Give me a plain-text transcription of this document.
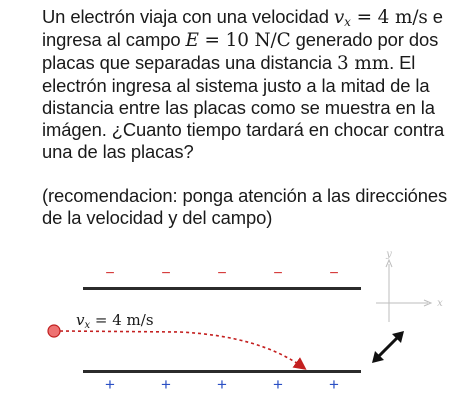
Un electrón viaja con una velocidad $v_x = 4$ m/s e ingresa al campo E = 10 N/C generado por dos placas que separadas una distancia 3 mm. El electrón ingresa al sistema justo a la mitad de la distancia entre las placas como se muestra en la imágen. ¿Cuanto tiempo tardará en chocar contra una de las placas?

(recomendacion: ponga atención a las direcciónes de la velocidad y del campo)

−	−	−	−	−
y
x
$v_x = 4$ m/s
+	+	+	+	+
